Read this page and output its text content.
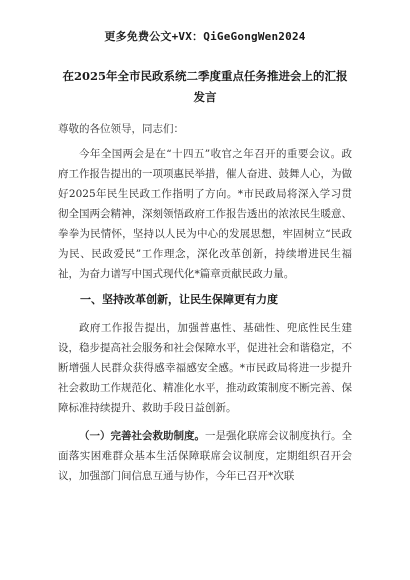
更多免费公文+VX：QiGeGongWen2024
在2025年全市民政系统二季度重点任务推进会上的汇报发言
尊敬的各位领导，同志们：

今年全国两会是在“十四五”收官之年召开的重要会议。政府工作报告提出的一项项惠民举措，催人奋进、鼓舞人心，为做好2025年民生民政工作指明了方向。*市民政局将深入学习贯彻全国两会精神，深刻领悟政府工作报告透出的浓浓民生暖意、拳拳为民情怀，坚持以人民为中心的发展思想，牢固树立“民政为民、民政爱民”工作理念，深化改革创新，持续增进民生福祉，为奋力谱写中国式现代化*篇章贡献民政力量。

一、坚持改革创新，让民生保障更有力度

政府工作报告提出，加强普惠性、基础性、兜底性民生建设，稳步提高社会服务和社会保障水平，促进社会和谐稳定，不断增强人民群众获得感幸福感安全感。*市民政局将进一步提升社会救助工作规范化、精准化水平，推动政策制度不断完善、保障标准持续提升、救助手段日益创新。

（一）完善社会救助制度。一是强化联席会议制度执行。全面落实困难群众基本生活保障联席会议制度，定期组织召开会议，加强部门间信息互通与协作，今年已召开*次联
